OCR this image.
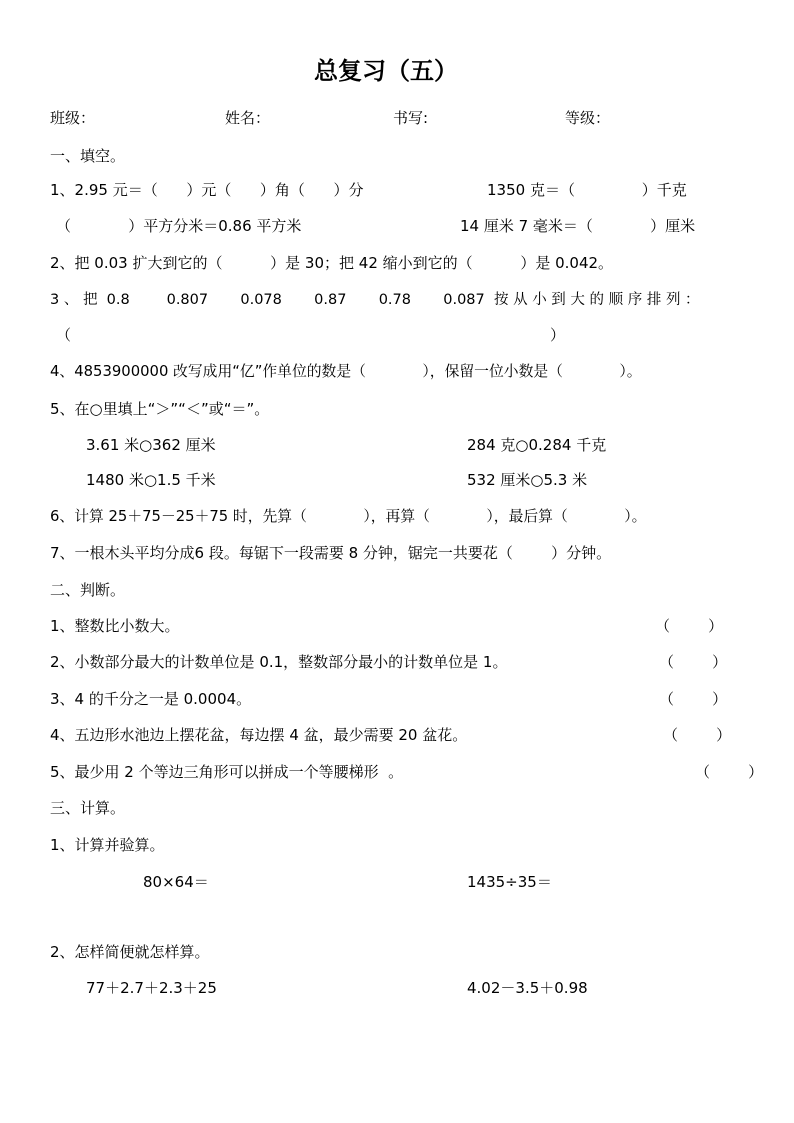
总复习（五）
班级：	姓名：	书写:	等级：
一、填空。
1、2.95 元＝（      ）元（      ）角（      ）分	1350 克＝（              ）千克
（            ）平方分米＝0.86 平方米	14 厘米 7 毫米＝（            ）厘米
2、把 0.03 扩大到它的（          ）是 30；把 42 缩小到它的（          ）是 0.042。
3 、 把  0.8        0.807       0.078       0.87       0.78       0.087  按 从 小 到 大 的 顺 序 排 列 ：
（	）
4、4853900000 改写成用“亿”作单位的数是（            ），保留一位小数是（            ）。
5、在○里填上“＞”“＜”或“＝”。
3.61 米○362 厘米	284 克○0.284 千克
1480 米○1.5 千米	532 厘米○5.3 米
6、计算 25＋75－25＋75 时，先算（            ），再算（            ），最后算（            ）。
7、一根木头平均分成6 段。每锯下一段需要 8 分钟，锯完一共要花（        ）分钟。
二、判断。
1、整数比小数大。	（        ）
2、小数部分最大的计数单位是 0.1，整数部分最小的计数单位是 1。	（        ）
3、4 的千分之一是 0.0004。	（        ）
4、五边形水池边上摆花盆，每边摆 4 盆，最少需要 20 盆花。	（        ）
5、最少用 2 个等边三角形可以拼成一个等腰梯形  。	（        ）
三、计算。
1、计算并验算。
80×64＝	1435÷35＝
2、怎样简便就怎样算。
77＋2.7＋2.3＋25	4.02－3.5＋0.98
